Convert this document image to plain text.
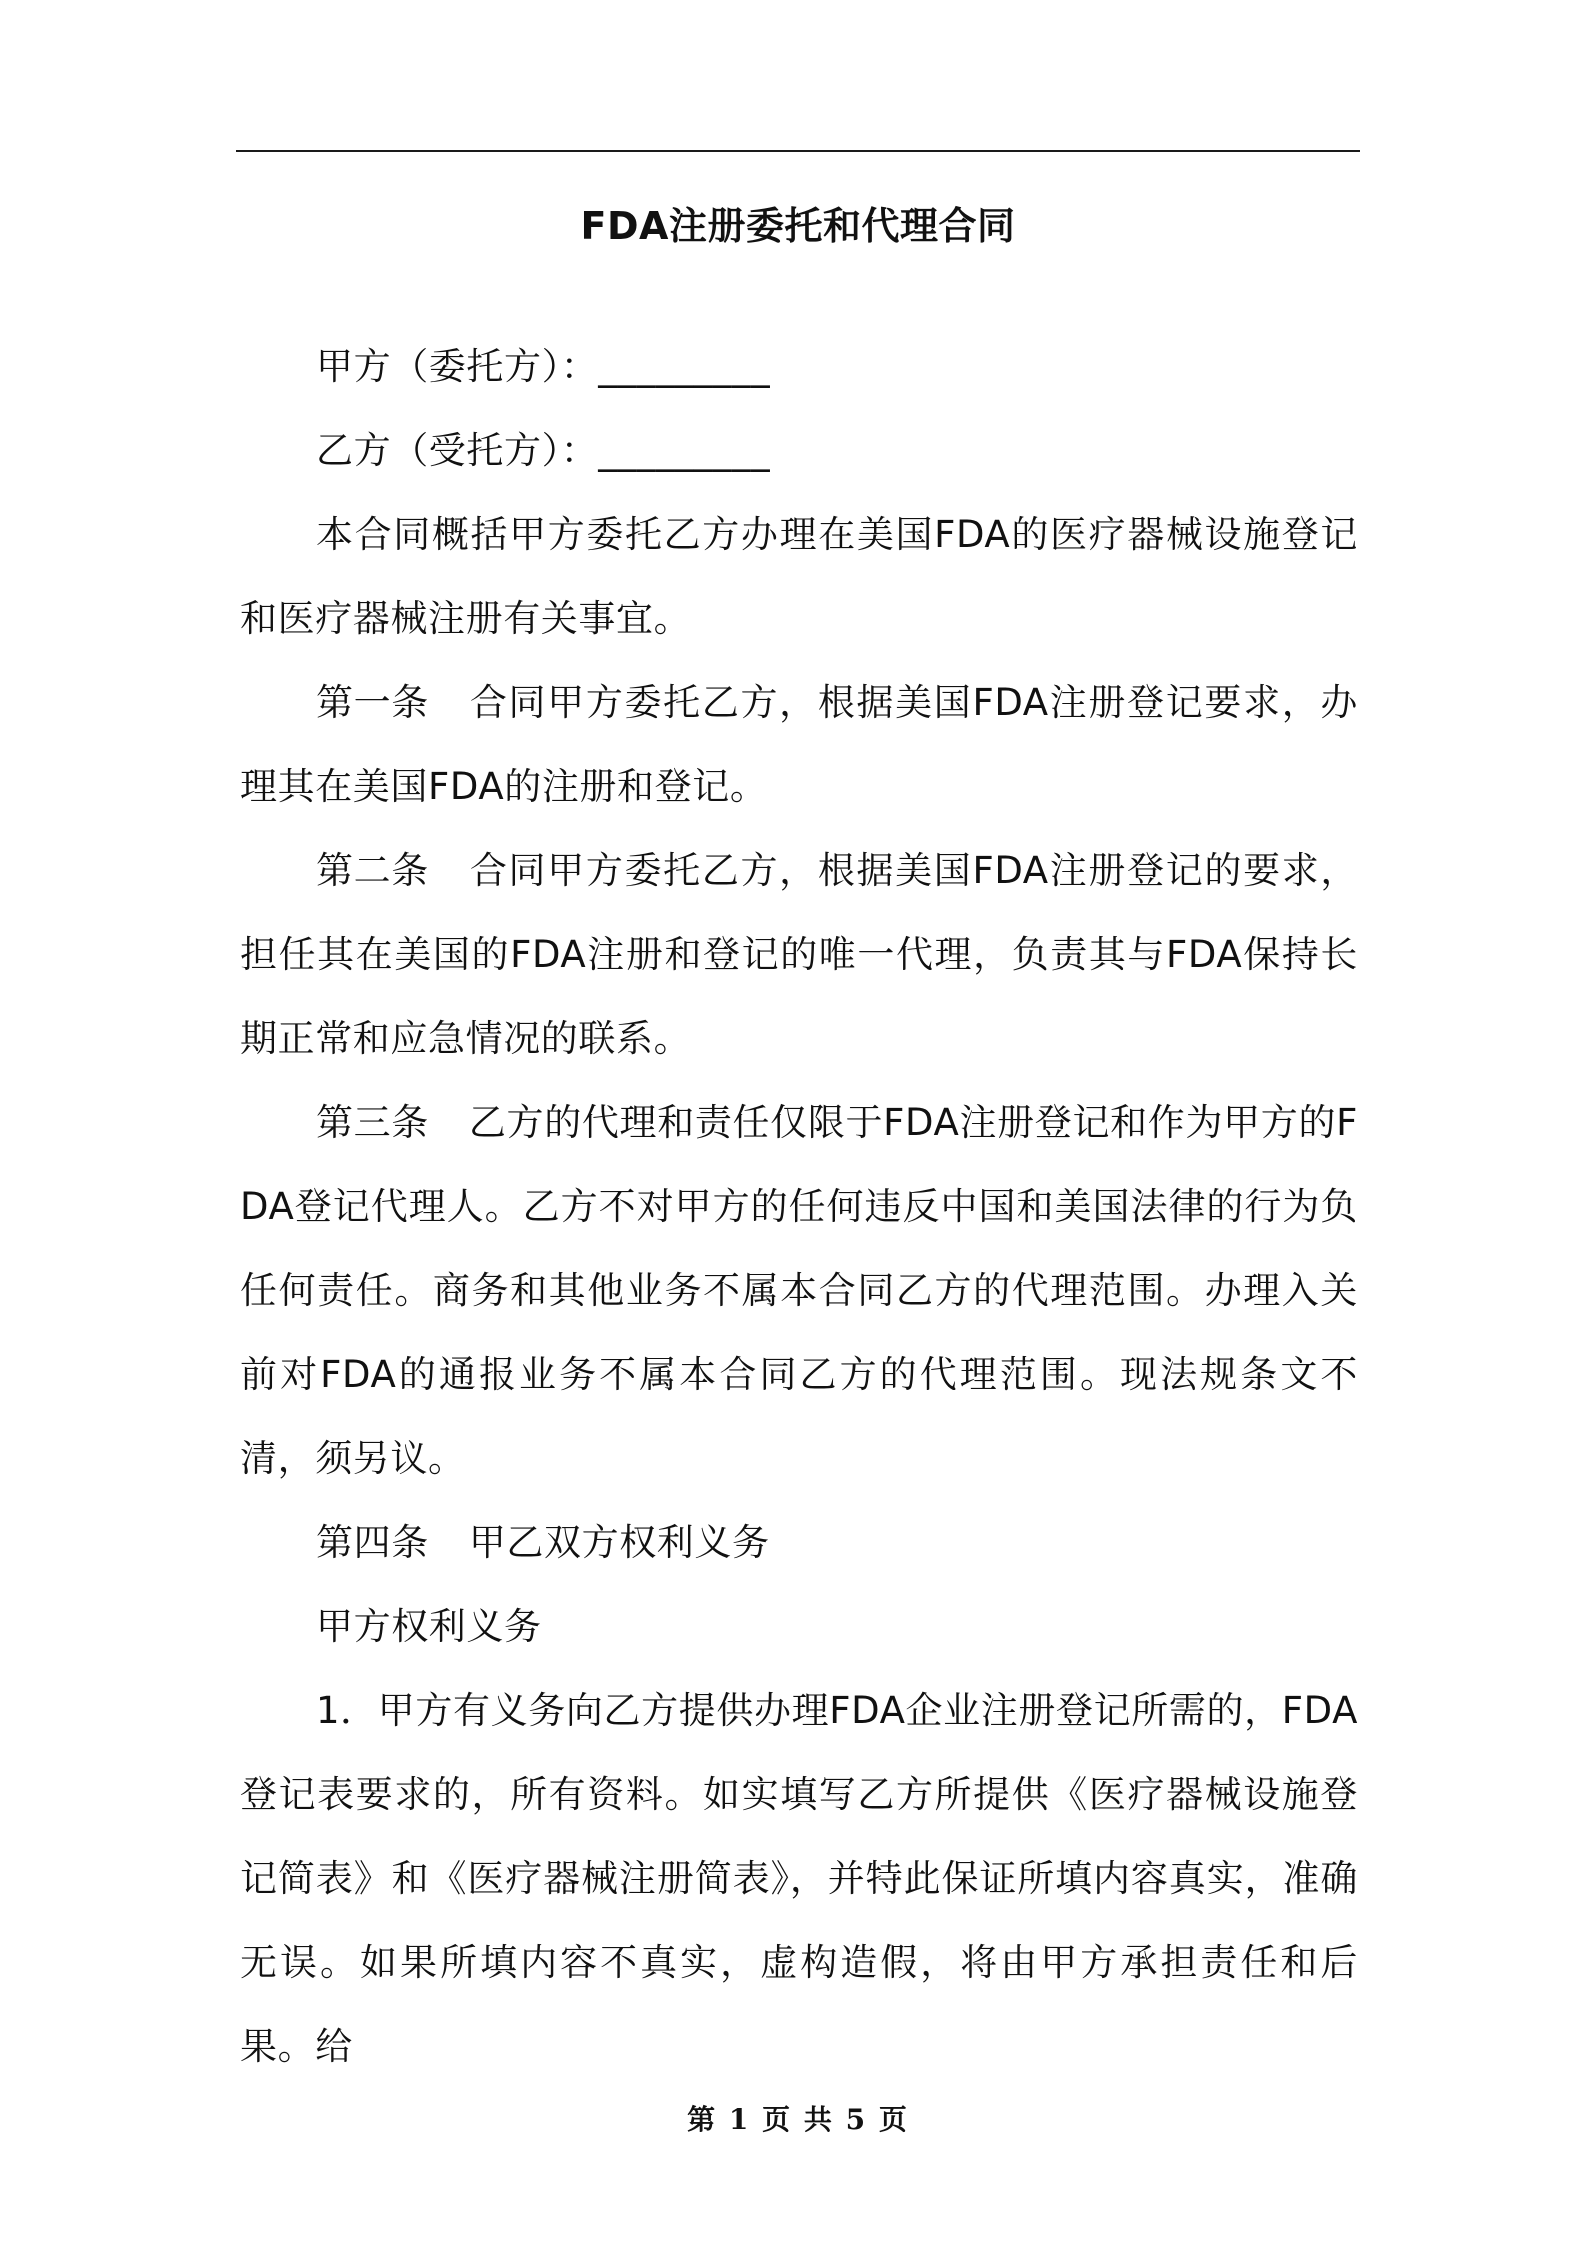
FDA注册委托和代理合同

甲方（委托方）：_________

乙方（受托方）：_________

本合同概括甲方委托乙方办理在美国FDA的医疗器械设施登记和医疗器械注册有关事宜。

第一条 合同甲方委托乙方，根据美国FDA注册登记要求，办理其在美国FDA的注册和登记。

第二条 合同甲方委托乙方，根据美国FDA注册登记的要求，担任其在美国的FDA注册和登记的唯一代理，负责其与FDA保持长期正常和应急情况的联系。

第三条 乙方的代理和责任仅限于FDA注册登记和作为甲方的FDA登记代理人。乙方不对甲方的任何违反中国和美国法律的行为负任何责任。商务和其他业务不属本合同乙方的代理范围。办理入关前对FDA的通报业务不属本合同乙方的代理范围。现法规条文不清，须另议。

第四条 甲乙双方权利义务

甲方权利义务

1．甲方有义务向乙方提供办理FDA企业注册登记所需的，FDA登记表要求的，所有资料。如实填写乙方所提供《医疗器械设施登记简表》和《医疗器械注册简表》，并特此保证所填内容真实，准确无误。如果所填内容不真实，虚构造假，将由甲方承担责任和后果。给

第 1 页 共 5 页
